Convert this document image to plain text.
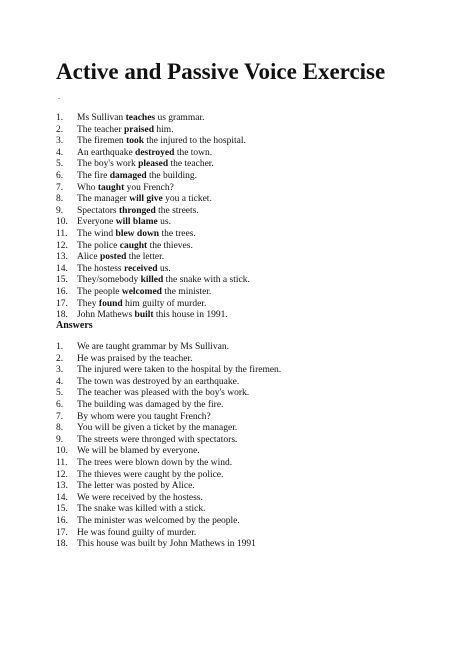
Active and Passive Voice Exercise
.
1. Ms Sullivan teaches us grammar.
2. The teacher praised him.
3. The firemen took the injured to the hospital.
4. An earthquake destroyed the town.
5. The boy's work pleased the teacher.
6. The fire damaged the building.
7. Who taught you French?
8. The manager will give you a ticket.
9. Spectators thronged the streets.
10. Everyone will blame us.
11. The wind blew down the trees.
12. The police caught the thieves.
13. Alice posted the letter.
14. The hostess received us.
15. They/somebody killed the snake with a stick.
16. The people welcomed the minister.
17. They found him guilty of murder.
18. John Mathews built this house in 1991.
Answers
1. We are taught grammar by Ms Sullivan.
2. He was praised by the teacher.
3. The injured were taken to the hospital by the firemen.
4. The town was destroyed by an earthquake.
5. The teacher was pleased with the boy's work.
6. The building was damaged by the fire.
7. By whom were you taught French?
8. You will be given a ticket by the manager.
9. The streets were thronged with spectators.
10. We will be blamed by everyone.
11. The trees were blown down by the wind.
12. The thieves were caught by the police.
13. The letter was posted by Alice.
14. We were received by the hostess.
15. The snake was killed with a stick.
16. The minister was welcomed by the people.
17. He was found guilty of murder.
18. This house was built by John Mathews in 1991
